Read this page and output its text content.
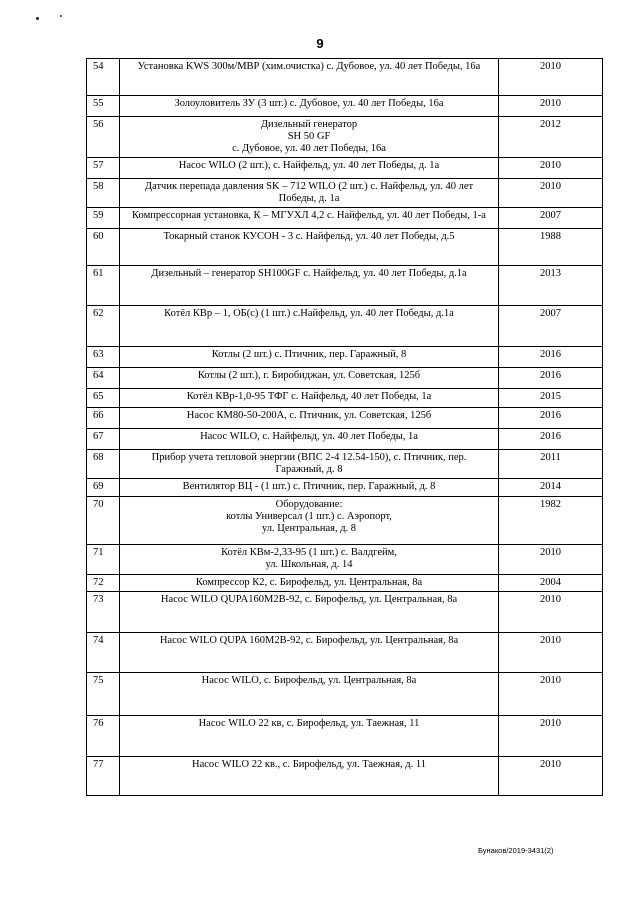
9
54	Установка KWS 300м/МВР (хим.очистка) с. Дубовое, ул. 40 лет Победы, 16а	2010
55	Золоуловитель ЗУ (3 шт.) с. Дубовое, ул. 40 лет Победы, 16а	2010
56	Дизельный генератор
SH 50 GF
с. Дубовое, ул. 40 лет Победы, 16а	2012
57	Насос WILO (2 шт.), с. Найфельд, ул. 40 лет Победы, д. 1а	2010
58	Датчик перепада давления SK – 712 WILO (2 шт.) с. Найфельд, ул. 40 лет
Победы, д. 1а	2010
59	Компрессорная установка, К – МГУХЛ 4,2 с. Найфельд, ул. 40 лет Победы, 1-а	2007
60	Токарный станок КУСОН - 3 с. Найфельд, ул. 40 лет Победы, д.5	1988
61	Дизельный – генератор SH100GF с. Найфельд, ул. 40 лет Победы, д.1а	2013
62	Котёл КВр – 1, ОБ(с) (1 шт.) с.Найфельд, ул. 40 лет Победы, д.1а	2007
63	Котлы (2 шт.) с. Птичник, пер. Гаражный, 8	2016
64	Котлы (2 шт.), г. Биробиджан, ул. Советская, 125б	2016
65	Котёл КВр-1,0-95 ТФГ с. Найфельд, 40 лет Победы, 1а	2015
66	Насос КМ80-50-200А, с. Птичник, ул. Советская, 125б	2016
67	Насос WILO, с. Найфельд, ул. 40 лет Победы, 1а	2016
68	Прибор учета тепловой энергии (ВПС 2-4 12.54-150), с. Птичник, пер.
Гаражный, д. 8	2011
69	Вентилятор ВЦ - (1 шт.) с. Птичник, пер. Гаражный, д. 8	2014
70	Оборудование:
котлы Универсал (1 шт.) с. Аэропорт,
ул. Центральная, д. 8	1982
71	Котёл КВм-2,33-95 (1 шт.) с. Валдгейм,
ул. Школьная, д. 14	2010
72	Компрессор К2, с. Бирофельд, ул. Центральная, 8а	2004
73	Насос WILO QUPA160M2B-92, с. Бирофельд, ул. Центральная, 8а	2010
74	Насос WILO QUPA 160M2B-92, с. Бирофельд, ул. Центральная, 8а	2010
75	Насос WILO, с. Бирофельд, ул. Центральная, 8а	2010
76	Насос WILO 22 кв, с. Бирофельд, ул. Таежная, 11	2010
77	Насос WILO 22 кв., с. Бирофельд, ул. Таежная, д. 11	2010
Бунаков/2019-3431(2)
